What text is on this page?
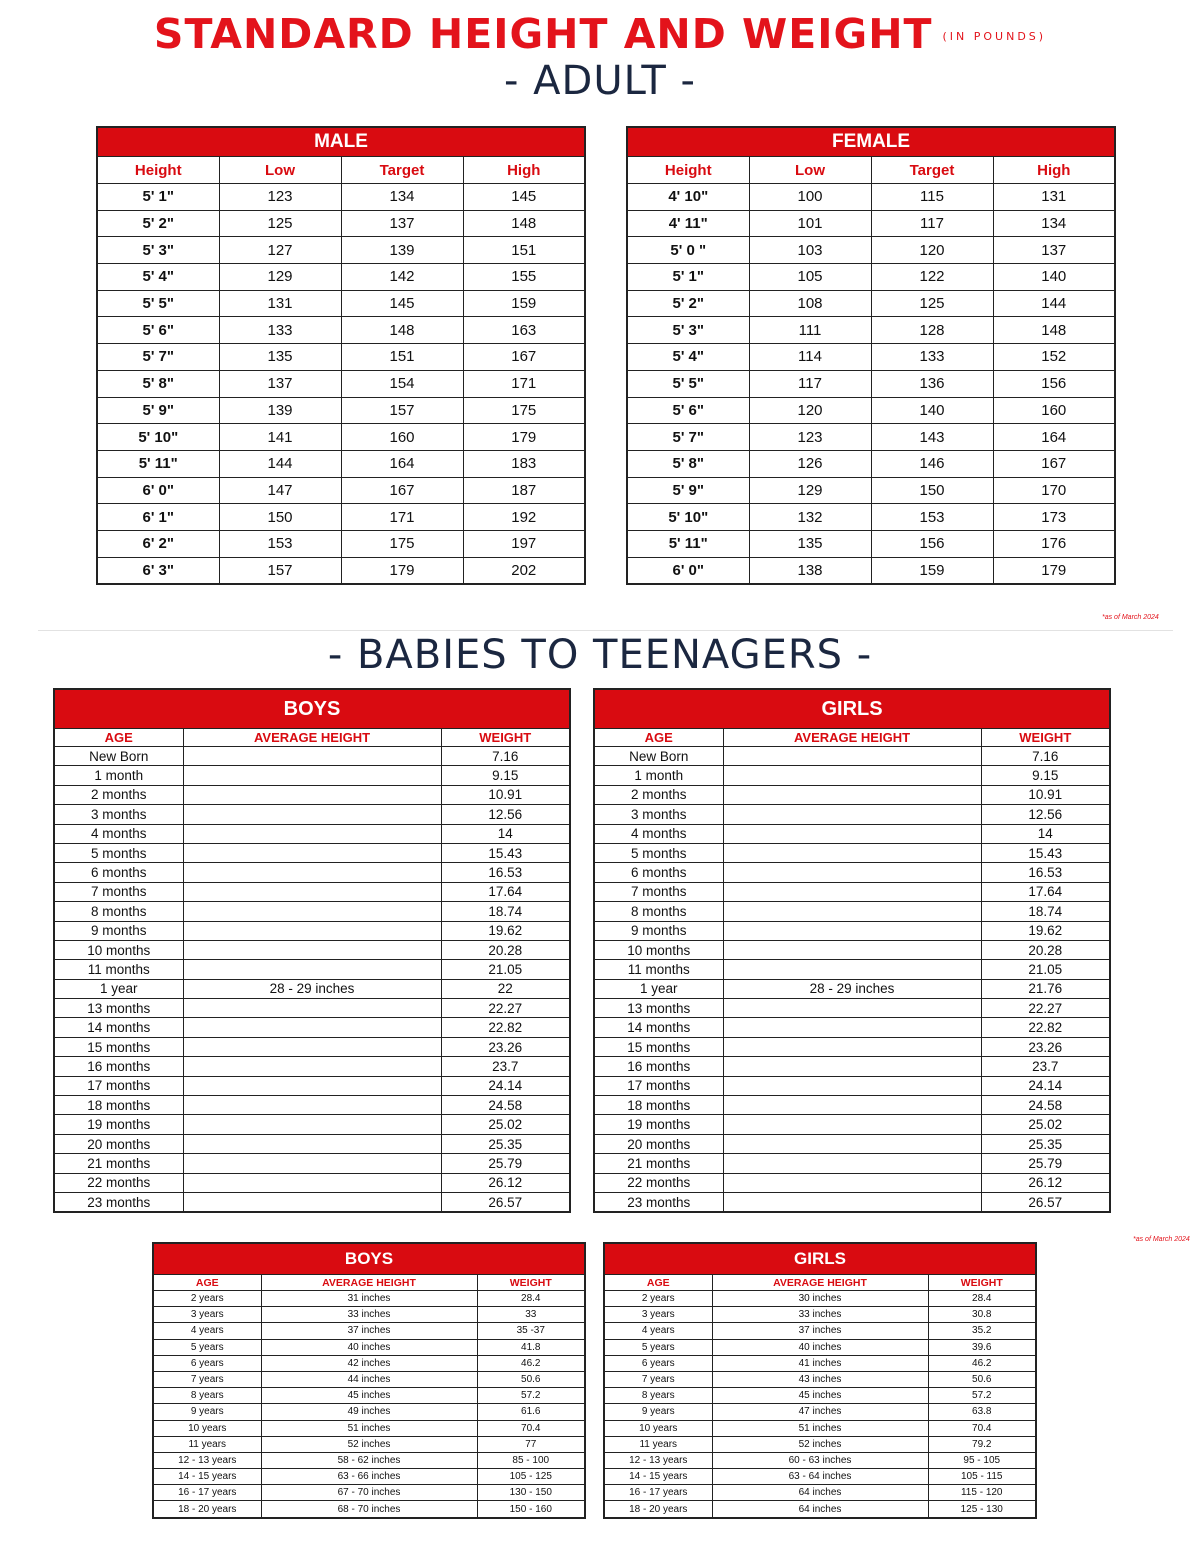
STANDARD HEIGHT AND WEIGHT $^{(IN POUNDS)}$
- ADULT -
MALE			
Height	Low	Target	High
5' 1"	123	134	145
5' 2"	125	137	148
5' 3"	127	139	151
5' 4"	129	142	155
5' 5"	131	145	159
5' 6"	133	148	163
5' 7"	135	151	167
5' 8"	137	154	171
5' 9"	139	157	175
5' 10"	141	160	179
5' 11"	144	164	183
6' 0"	147	167	187
6' 1"	150	171	192
6' 2"	153	175	197
6' 3"	157	179	202
FEMALE			
Height	Low	Target	High
4' 10"	100	115	131
4' 11"	101	117	134
5' 0 "	103	120	137
5' 1"	105	122	140
5' 2"	108	125	144
5' 3"	111	128	148
5' 4"	114	133	152
5' 5"	117	136	156
5' 6"	120	140	160
5' 7"	123	143	164
5' 8"	126	146	167
5' 9"	129	150	170
5' 10"	132	153	173
5' 11"	135	156	176
6' 0"	138	159	179
*as of March 2024
- BABIES TO TEENAGERS -
BOYS		
AGE	AVERAGE HEIGHT	WEIGHT
New Born		7.16
1 month		9.15
2 months		10.91
3 months		12.56
4 months		14
5 months		15.43
6 months		16.53
7 months		17.64
8 months		18.74
9 months		19.62
10 months		20.28
11 months		21.05
1 year	28 - 29 inches	22
13 months		22.27
14 months		22.82
15 months		23.26
16 months		23.7
17 months		24.14
18 months		24.58
19 months		25.02
20 months		25.35
21 months		25.79
22 months		26.12
23 months		26.57
GIRLS		
AGE	AVERAGE HEIGHT	WEIGHT
New Born		7.16
1 month		9.15
2 months		10.91
3 months		12.56
4 months		14
5 months		15.43
6 months		16.53
7 months		17.64
8 months		18.74
9 months		19.62
10 months		20.28
11 months		21.05
1 year	28 - 29 inches	21.76
13 months		22.27
14 months		22.82
15 months		23.26
16 months		23.7
17 months		24.14
18 months		24.58
19 months		25.02
20 months		25.35
21 months		25.79
22 months		26.12
23 months		26.57
*as of March 2024
BOYS		
AGE	AVERAGE HEIGHT	WEIGHT
2 years	31 inches	28.4
3 years	33 inches	33
4 years	37 inches	35 -37
5 years	40 inches	41.8
6 years	42 inches	46.2
7 years	44 inches	50.6
8 years	45 inches	57.2
9 years	49 inches	61.6
10 years	51 inches	70.4
11 years	52 inches	77
12 - 13 years	58 - 62 inches	85 - 100
14 - 15 years	63 - 66 inches	105 - 125
16 - 17 years	67 - 70 inches	130 - 150
18 - 20 years	68 - 70 inches	150 - 160
GIRLS		
AGE	AVERAGE HEIGHT	WEIGHT
2 years	30 inches	28.4
3 years	33 inches	30.8
4 years	37 inches	35.2
5 years	40 inches	39.6
6 years	41 inches	46.2
7 years	43 inches	50.6
8 years	45 inches	57.2
9 years	47 inches	63.8
10 years	51 inches	70.4
11 years	52 inches	79.2
12 - 13 years	60 - 63 inches	95 - 105
14 - 15 years	63 - 64 inches	105 - 115
16 - 17 years	64 inches	115 - 120
18 - 20 years	64 inches	125 - 130
